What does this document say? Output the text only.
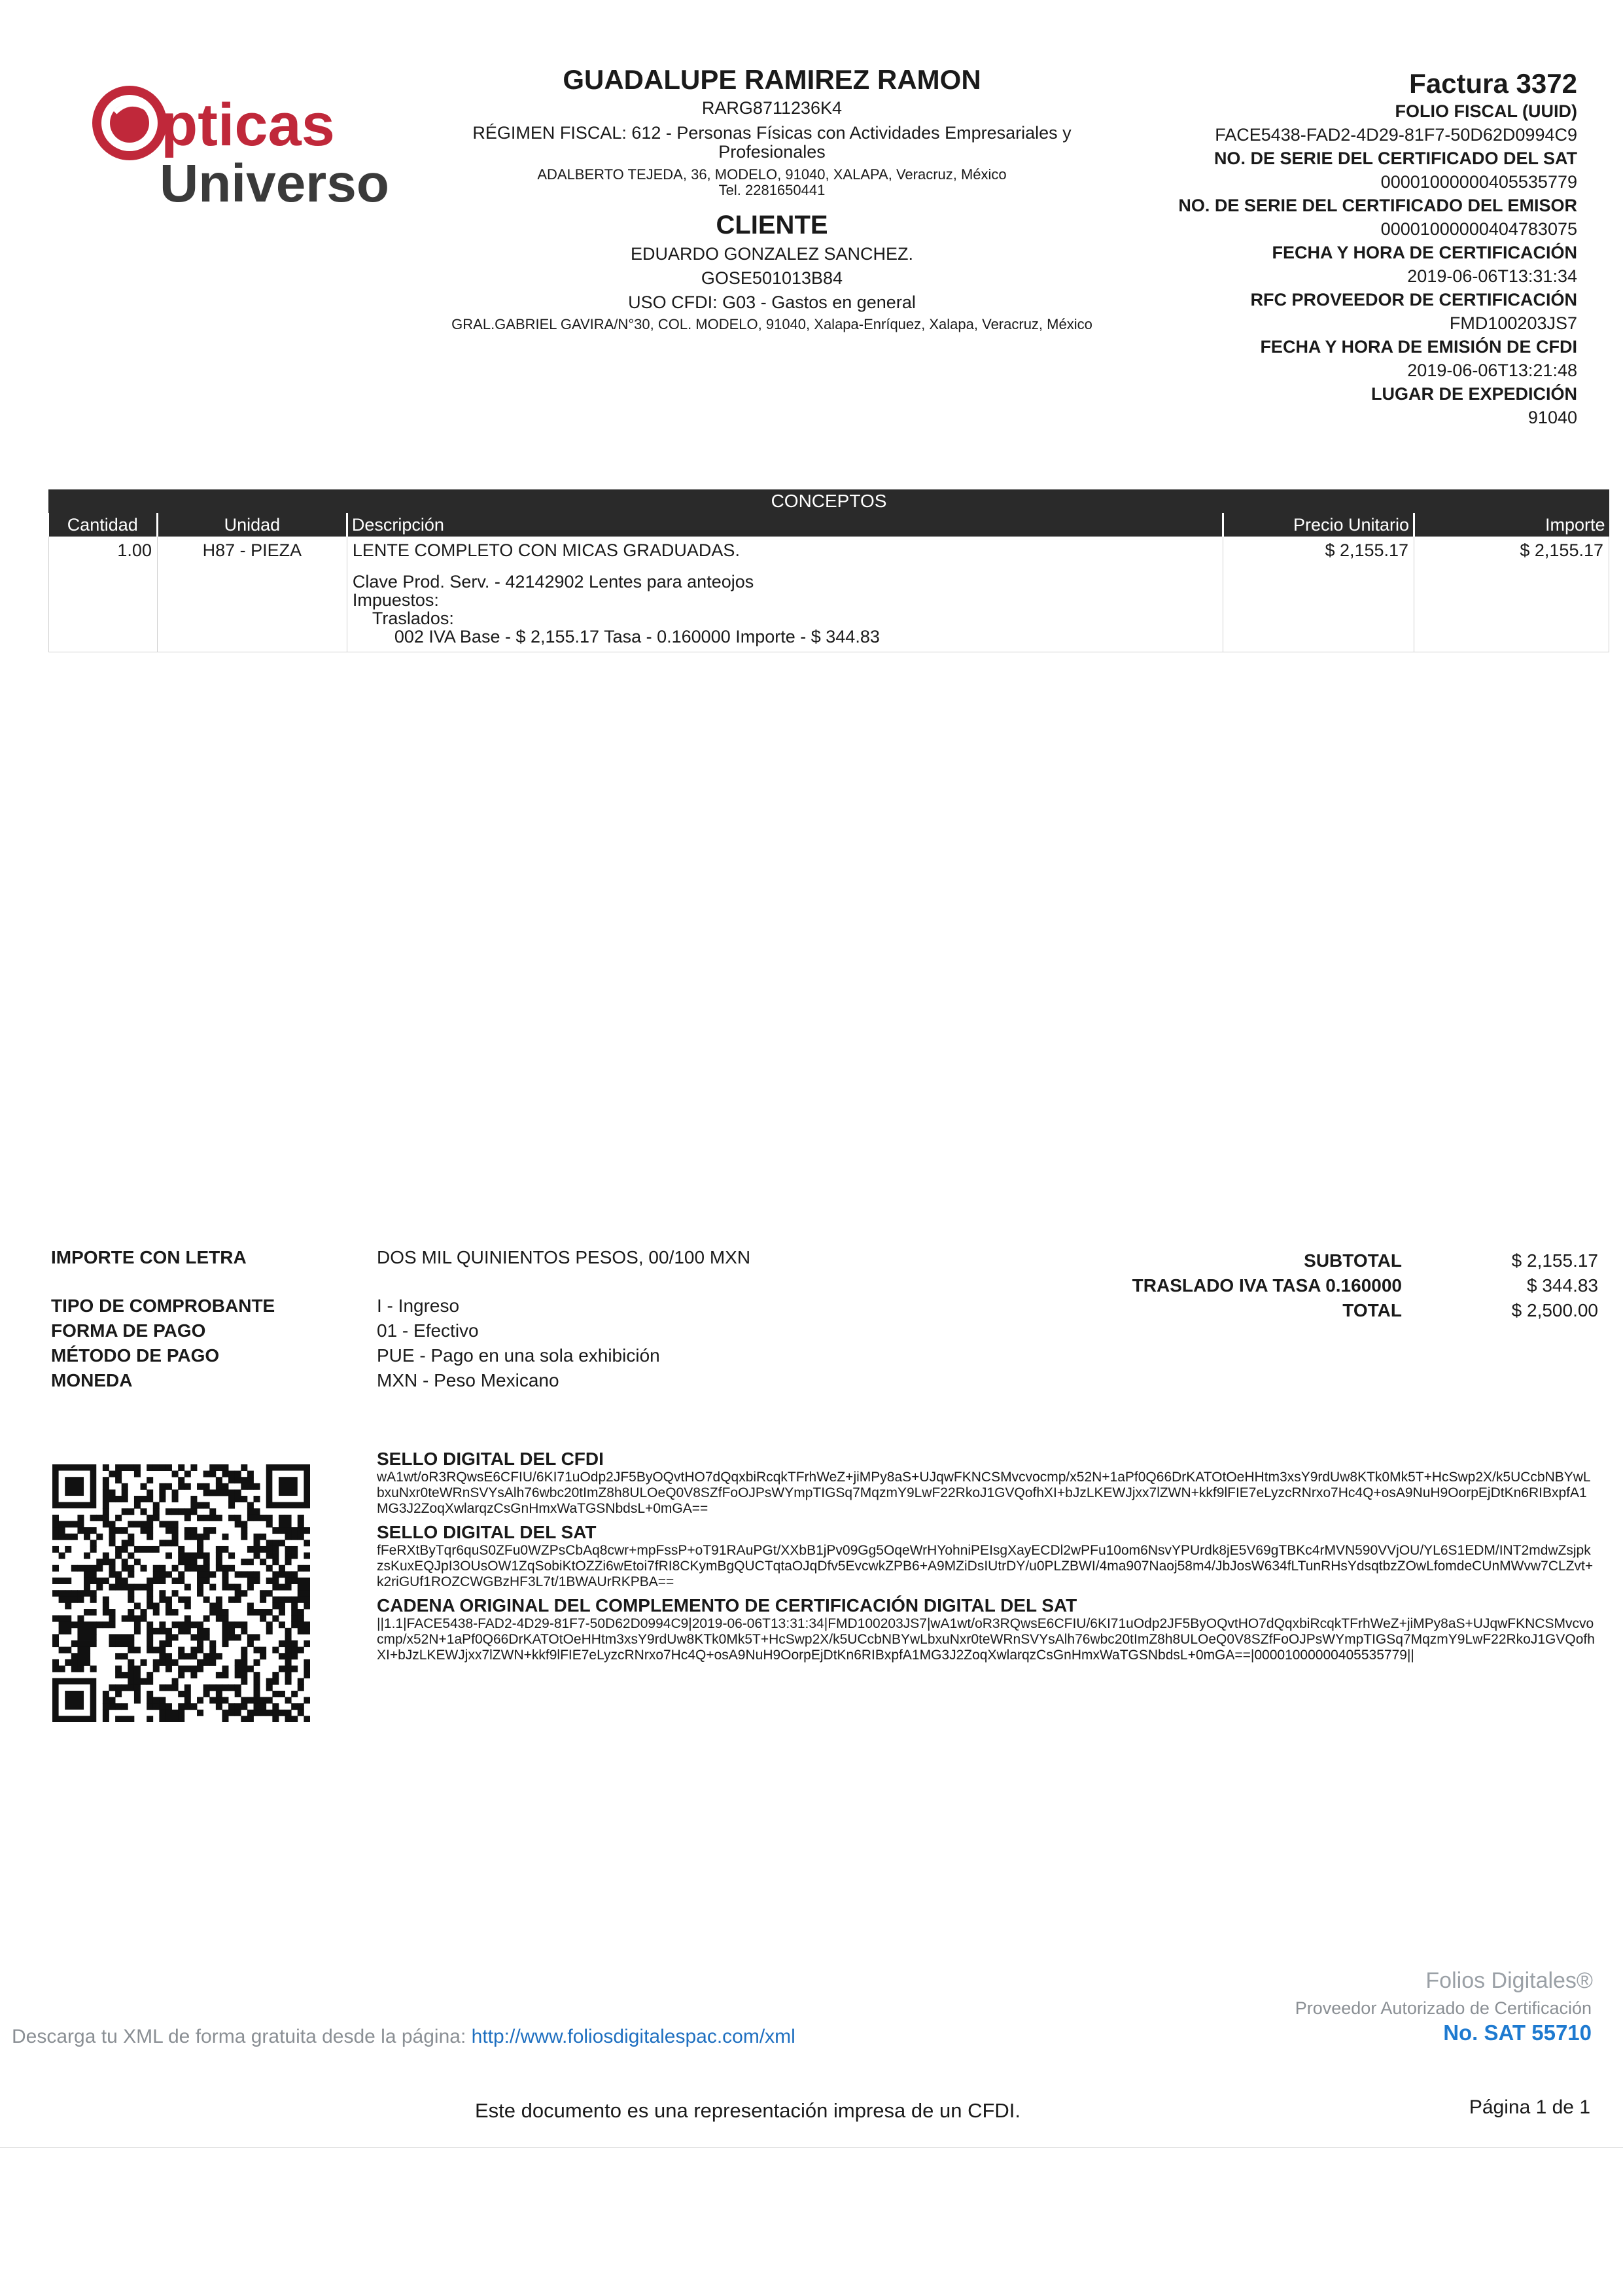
pticas
Universo
GUADALUPE RAMIREZ RAMON
RARG8711236K4
RÉGIMEN FISCAL: 612 - Personas Físicas con Actividades Empresariales y Profesionales
ADALBERTO TEJEDA, 36, MODELO, 91040, XALAPA, Veracruz, México
Tel. 2281650441
CLIENTE
EDUARDO GONZALEZ SANCHEZ.
GOSE501013B84
USO CFDI: G03 - Gastos en general
GRAL.GABRIEL GAVIRA/N°30, COL. MODELO, 91040, Xalapa-Enríquez, Xalapa, Veracruz, México
Factura 3372
FOLIO FISCAL (UUID)
FACE5438-FAD2-4D29-81F7-50D62D0994C9
NO. DE SERIE DEL CERTIFICADO DEL SAT
00001000000405535779
NO. DE SERIE DEL CERTIFICADO DEL EMISOR
00001000000404783075
FECHA Y HORA DE CERTIFICACIÓN
2019-06-06T13:31:34
RFC PROVEEDOR DE CERTIFICACIÓN
FMD100203JS7
FECHA Y HORA DE EMISIÓN DE CFDI
2019-06-06T13:21:48
LUGAR DE EXPEDICIÓN
91040
CONCEPTOS
Cantidad	Unidad	Descripción	Precio Unitario	Importe
1.00	H87 - PIEZA	LENTE COMPLETO CON MICAS GRADUADAS.
Clave Prod. Serv. - 42142902 Lentes para anteojos
Impuestos:
Traslados:
002 IVA Base - $ 2,155.17 Tasa - 0.160000 Importe - $ 344.83	$ 2,155.17	$ 2,155.17
IMPORTE CON LETRA	DOS MIL QUINIENTOS PESOS, 00/100 MXN
TIPO DE COMPROBANTE	I - Ingreso
FORMA DE PAGO	01 - Efectivo
MÉTODO DE PAGO	PUE - Pago en una sola exhibición
MONEDA	MXN - Peso Mexicano
SUBTOTAL	$ 2,155.17
TRASLADO IVA TASA 0.160000	$ 344.83
TOTAL	$ 2,500.00
SELLO DIGITAL DEL CFDI
wA1wt/oR3RQwsE6CFIU/6KI71uOdp2JF5ByOQvtHO7dQqxbiRcqkTFrhWeZ+jiMPy8aS+UJqwFKNCSMvcvocmp/x52N+1aPf0Q66DrKATOtOeHHtm3xsY9rdUw8KTk0Mk5T+HcSwp2X/k5UCcbNBYwLbxuNxr0teWRnSVYsAlh76wbc20tImZ8h8ULOeQ0V8SZfFoOJPsWYmpTIGSq7MqzmY9LwF22RkoJ1GVQofhXI+bJzLKEWJjxx7lZWN+kkf9lFIE7eLyzcRNrxo7Hc4Q+osA9NuH9OorpEjDtKn6RIBxpfA1MG3J2ZoqXwlarqzCsGnHmxWaTGSNbdsL+0mGA==
SELLO DIGITAL DEL SAT
fFeRXtByTqr6quS0ZFu0WZPsCbAq8cwr+mpFssP+oT91RAuPGt/XXbB1jPv09Gg5OqeWrHYohniPEIsgXayECDl2wPFu10om6NsvYPUrdk8jE5V69gTBKc4rMVN590VVjOU/YL6S1EDM/INT2mdwZsjpkzsKuxEQJpI3OUsOW1ZqSobiKtOZZi6wEtoi7fRI8CKymBgQUCTqtaOJqDfv5EvcwkZPB6+A9MZiDsIUtrDY/u0PLZBWI/4ma907Naoj58m4/JbJosW634fLTunRHsYdsqtbzZOwLfomdeCUnMWvw7CLZvt+k2riGUf1ROZCWGBzHF3L7t/1BWAUrRKPBA==
CADENA ORIGINAL DEL COMPLEMENTO DE CERTIFICACIÓN DIGITAL DEL SAT
||1.1|FACE5438-FAD2-4D29-81F7-50D62D0994C9|2019-06-06T13:31:34|FMD100203JS7|wA1wt/oR3RQwsE6CFIU/6KI71uOdp2JF5ByOQvtHO7dQqxbiRcqkTFrhWeZ+jiMPy8aS+UJqwFKNCSMvcvocmp/x52N+1aPf0Q66DrKATOtOeHHtm3xsY9rdUw8KTk0Mk5T+HcSwp2X/k5UCcbNBYwLbxuNxr0teWRnSVYsAlh76wbc20tImZ8h8ULOeQ0V8SZfFoOJPsWYmpTIGSq7MqzmY9LwF22RkoJ1GVQofhXI+bJzLKEWJjxx7lZWN+kkf9lFIE7eLyzcRNrxo7Hc4Q+osA9NuH9OorpEjDtKn6RIBxpfA1MG3J2ZoqXwlarqzCsGnHmxWaTGSNbdsL+0mGA==|00001000000405535779||
Folios Digitales®
Proveedor Autorizado de Certificación
No. SAT 55710
Descarga tu XML de forma gratuita desde la página: http://www.foliosdigitalespac.com/xml
Este documento es una representación impresa de un CFDI.	Página 1 de 1
